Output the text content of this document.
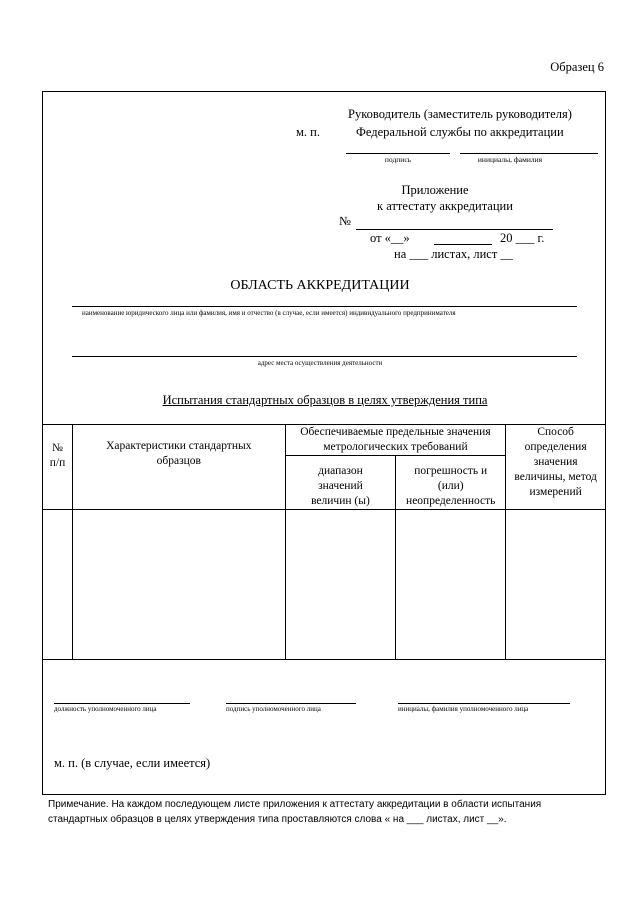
Образец 6
Руководитель (заместитель руководителя)
м. п.	Федеральной службы по аккредитации
подпись	инициалы, фамилия
Приложение
к аттестату аккредитации
№
от «__»	20 ___ г.
на ___ листах, лист __
ОБЛАСТЬ АККРЕДИТАЦИИ
наименование юридического лица или фамилия, имя и отчество (в случае, если имеется) индивидуального предпринимателя
адрес места осуществления деятельности
Испытания стандартных образцов в целях утверждения типа
№ п/п	Характеристики стандартных образцов	Обеспечиваемые предельные значения метрологических требований		Способ определения значения величины, метод измерений
		диапазон значений величин (ы)	погрешность и (или) неопределенность	

должность уполномоченного лица	подпись уполномоченного лица	инициалы, фамилия уполномоченного лица
м. п. (в случае, если имеется)
Примечание. На каждом последующем листе приложения к аттестату аккредитации в области испытания стандартных образцов в целях утверждения типа проставляются слова « на ___ листах, лист __».
